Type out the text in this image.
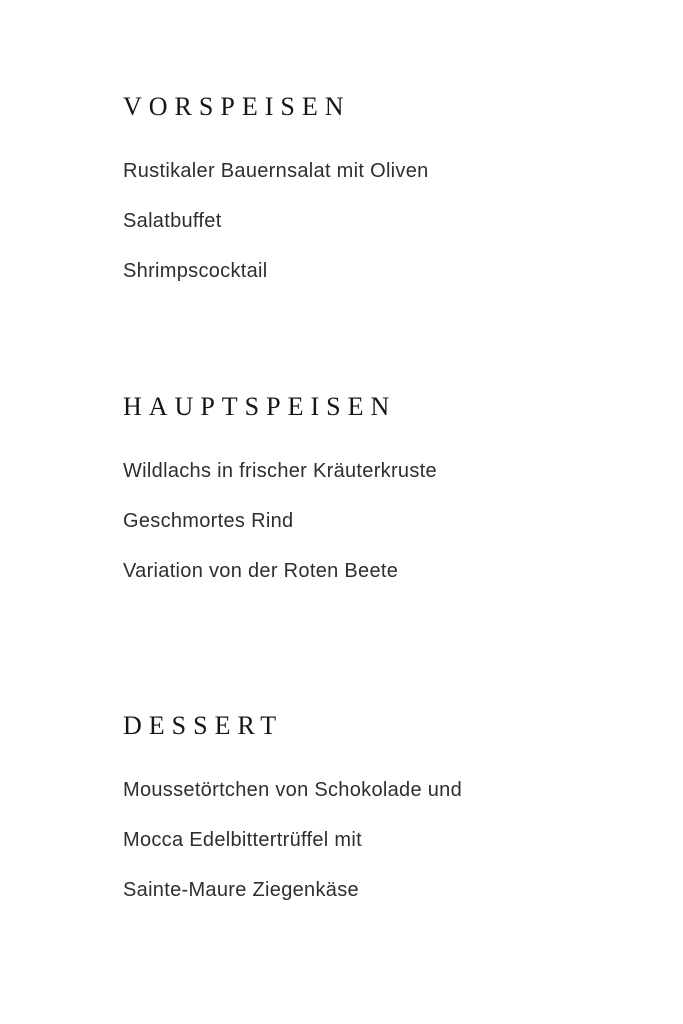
VORSPEISEN

Rustikaler Bauernsalat mit Oliven

Salatbuffet

Shrimpscocktail

HAUPTSPEISEN

Wildlachs in frischer Kräuterkruste

Geschmortes Rind

Variation von der Roten Beete

DESSERT

Moussetörtchen von Schokolade und

Mocca Edelbittertrüffel mit

Sainte-Maure Ziegenkäse
